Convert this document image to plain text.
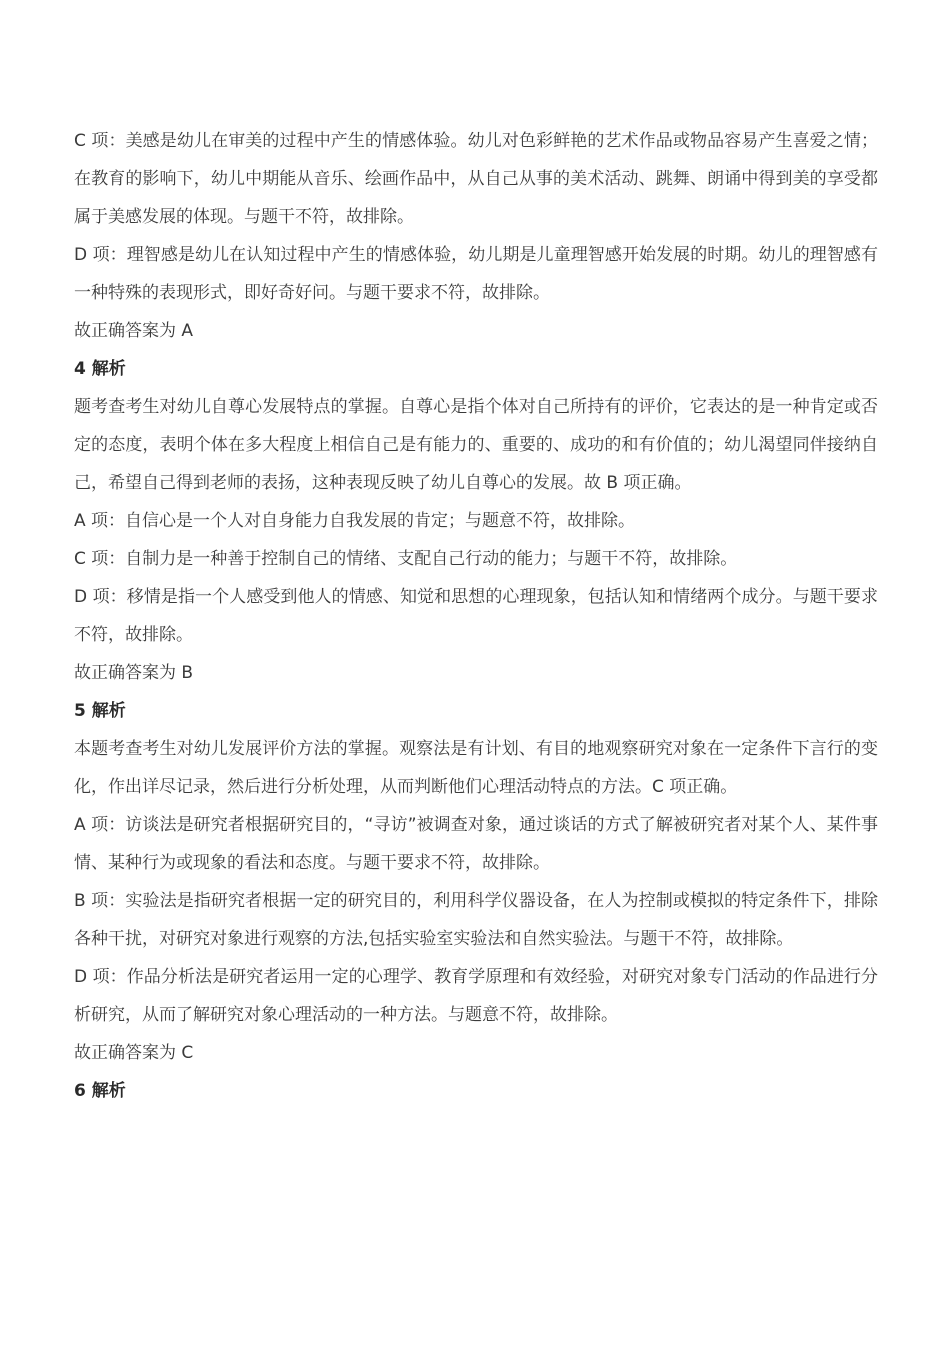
C 项：美感是幼儿在审美的过程中产生的情感体验。幼儿对色彩鲜艳的艺术作品或物品容易产生喜爱之情；在教育的影响下，幼儿中期能从音乐、绘画作品中，从自己从事的美术活动、跳舞、朗诵中得到美的享受都属于美感发展的体现。与题干不符，故排除。

D 项：理智感是幼儿在认知过程中产生的情感体验，幼儿期是儿童理智感开始发展的时期。幼儿的理智感有一种特殊的表现形式，即好奇好问。与题干要求不符，故排除。

故正确答案为 A

4 解析

题考查考生对幼儿自尊心发展特点的掌握。自尊心是指个体对自己所持有的评价，它表达的是一种肯定或否定的态度，表明个体在多大程度上相信自己是有能力的、重要的、成功的和有价值的；幼儿渴望同伴接纳自己，希望自己得到老师的表扬，这种表现反映了幼儿自尊心的发展。故 B 项正确。

A 项：自信心是一个人对自身能力自我发展的肯定；与题意不符，故排除。

C 项：自制力是一种善于控制自己的情绪、支配自己行动的能力；与题干不符，故排除。

D 项：移情是指一个人感受到他人的情感、知觉和思想的心理现象，包括认知和情绪两个成分。与题干要求不符，故排除。

故正确答案为 B

5 解析

本题考查考生对幼儿发展评价方法的掌握。观察法是有计划、有目的地观察研究对象在一定条件下言行的变化，作出详尽记录，然后进行分析处理，从而判断他们心理活动特点的方法。C 项正确。

A 项：访谈法是研究者根据研究目的，“寻访”被调查对象，通过谈话的方式了解被研究者对某个人、某件事情、某种行为或现象的看法和态度。与题干要求不符，故排除。

B 项：实验法是指研究者根据一定的研究目的，利用科学仪器设备，在人为控制或模拟的特定条件下，排除各种干扰，对研究对象进行观察的方法,包括实验室实验法和自然实验法。与题干不符，故排除。

D 项：作品分析法是研究者运用一定的心理学、教育学原理和有效经验，对研究对象专门活动的作品进行分析研究，从而了解研究对象心理活动的一种方法。与题意不符，故排除。

故正确答案为 C

6 解析
